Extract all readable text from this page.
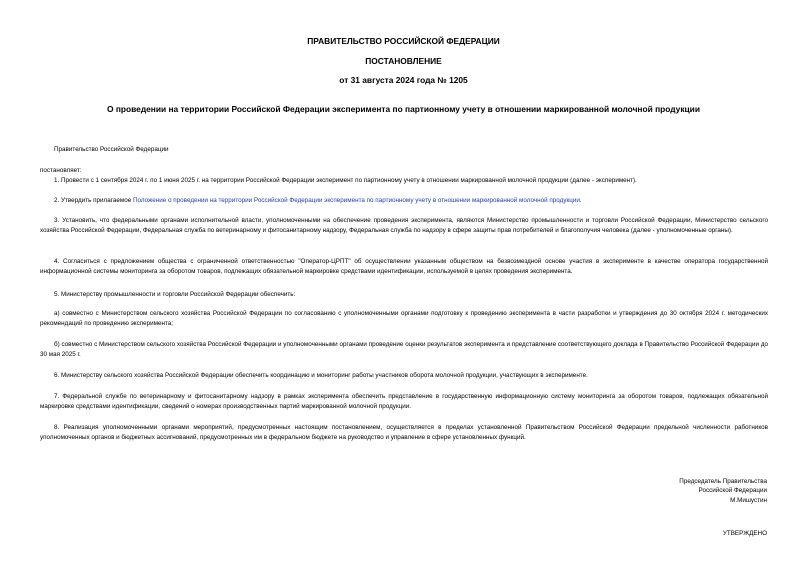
ПРАВИТЕЛЬСТВО РОССИЙСКОЙ ФЕДЕРАЦИИ
ПОСТАНОВЛЕНИЕ
от 31 августа 2024 года № 1205
О проведении на территории Российской Федерации эксперимента по партионному учету в отношении маркированной молочной продукции
Правительство Российской Федерации
постановляет:
1. Провести с 1 сентября 2024 г. по 1 июня 2025 г. на территории Российской Федерации эксперимент по партионному учету в отношении маркированной молочной продукции (далее - эксперимент).
2. Утвердить прилагаемое Положение о проведении на территории Российской Федерации эксперимента по партионному учету в отношении маркированной молочной продукции.
3. Установить, что федеральными органами исполнительной власти, уполномоченными на обеспечение проведения эксперимента, являются Министерство промышленности и торговли Российской Федерации, Министерство сельского хозяйства Российской Федерации, Федеральная служба по ветеринарному и фитосанитарному надзору, Федеральная служба по надзору в сфере защиты прав потребителей и благополучия человека (далее - уполномоченные органы).
4. Согласиться с предложением общества с ограниченной ответственностью "Оператор-ЦРПТ" об осуществлении указанным обществом на безвозмездной основе участия в эксперименте в качестве оператора государственной информационной системы мониторинга за оборотом товаров, подлежащих обязательной маркировке средствами идентификации, используемой в целях проведения эксперимента.
5. Министерству промышленности и торговли Российской Федерации обеспечить:
а) совместно с Министерством сельского хозяйства Российской Федерации по согласованию с уполномоченными органами подготовку к проведению эксперимента в части разработки и утверждения до 30 октября 2024 г. методических рекомендаций по проведению эксперимента;
б) совместно с Министерством сельского хозяйства Российской Федерации и уполномоченными органами проведение оценки результатов эксперимента и представление соответствующего доклада в Правительство Российской Федерации до 30 мая 2025 г.
6. Министерству сельского хозяйства Российской Федерации обеспечить координацию и мониторинг работы участников оборота молочной продукции, участвующих в эксперименте.
7. Федеральной службе по ветеринарному и фитосанитарному надзору в рамках эксперимента обеспечить представление в государственную информационную систему мониторинга за оборотом товаров, подлежащих обязательной маркировке средствами идентификации, сведений о номерах производственных партий маркированной молочной продукции.
8. Реализация уполномоченными органами мероприятий, предусмотренных настоящим постановлением, осуществляется в пределах установленной Правительством Российской Федерации предельной численности работников уполномоченных органов и бюджетных ассигнований, предусмотренных им в федеральном бюджете на руководство и управление в сфере установленных функций.
Председатель Правительства
Российской Федерации
М.Мишустин
УТВЕРЖДЕНО
